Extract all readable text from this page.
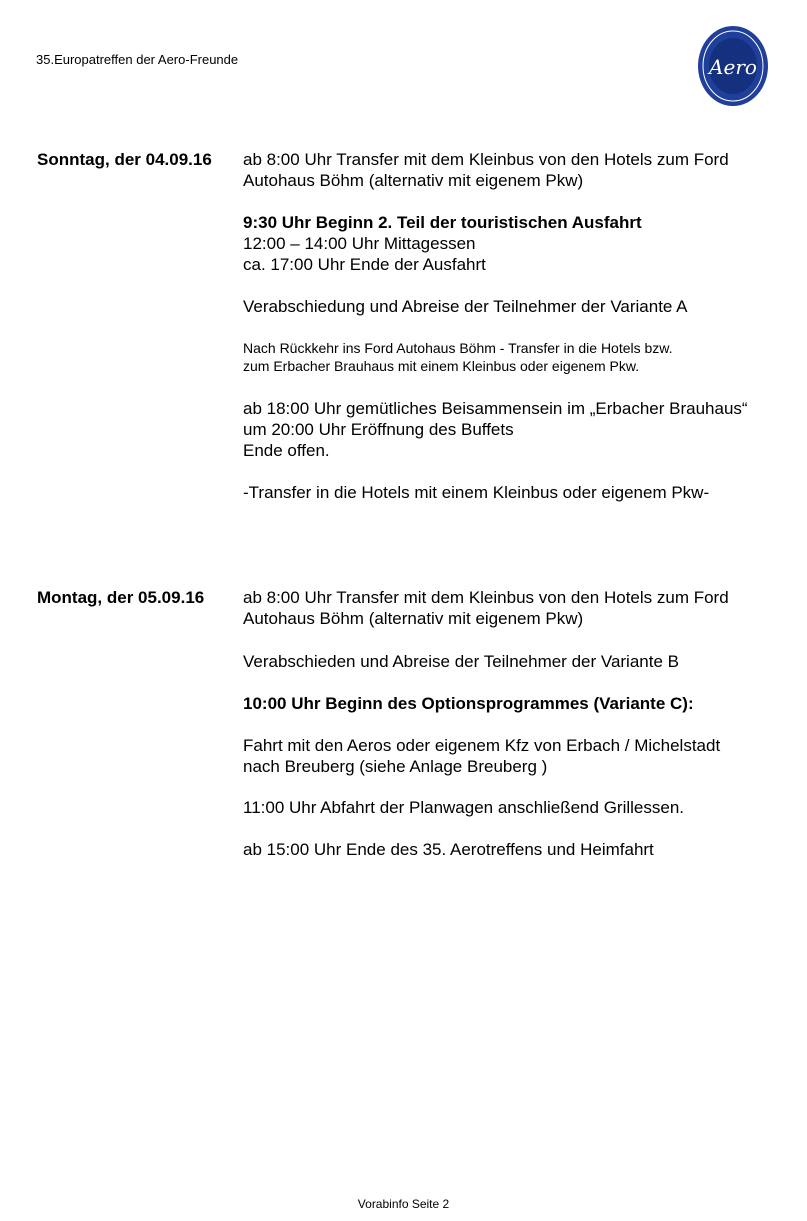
35.Europatreffen der Aero-Freunde	Aero
Sonntag, der 04.09.16 ab 8:00 Uhr Transfer mit dem Kleinbus von den Hotels zum Ford
Autohaus Böhm (alternativ mit eigenem Pkw)
9:30 Uhr Beginn 2. Teil der touristischen Ausfahrt
12:00 – 14:00 Uhr Mittagessen
ca. 17:00 Uhr Ende der Ausfahrt
Verabschiedung und Abreise der Teilnehmer der Variante A
Nach Rückkehr ins Ford Autohaus Böhm - Transfer in die Hotels bzw.
zum Erbacher Brauhaus mit einem Kleinbus oder eigenem Pkw.
ab 18:00 Uhr gemütliches Beisammensein im „Erbacher Brauhaus“
um 20:00 Uhr Eröffnung des Buffets
Ende offen.
-Transfer in die Hotels mit einem Kleinbus oder eigenem Pkw-
Montag, der 05.09.16 ab 8:00 Uhr Transfer mit dem Kleinbus von den Hotels zum Ford
Autohaus Böhm (alternativ mit eigenem Pkw)
Verabschieden und Abreise der Teilnehmer der Variante B
10:00 Uhr Beginn des Optionsprogrammes (Variante C):
Fahrt mit den Aeros oder eigenem Kfz von Erbach / Michelstadt
nach Breuberg (siehe Anlage Breuberg )
11:00 Uhr Abfahrt der Planwagen anschließend Grillessen.
ab 15:00 Uhr Ende des 35. Aerotreffens und Heimfahrt
Vorabinfo Seite 2
